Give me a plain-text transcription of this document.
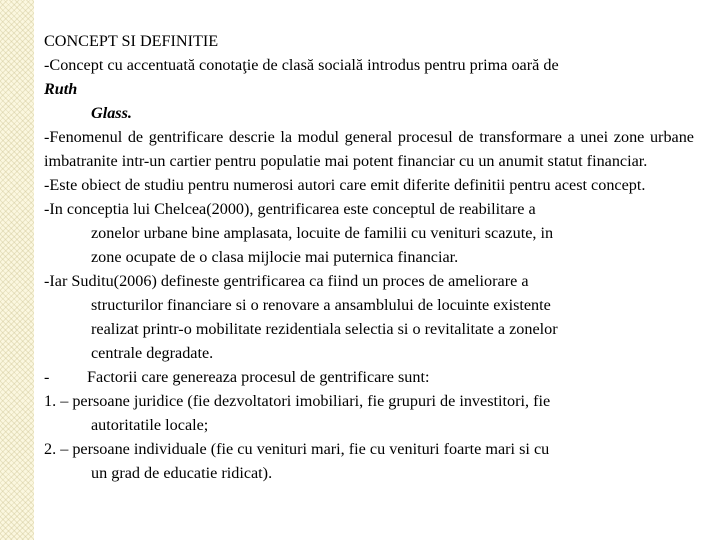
CONCEPT SI DEFINITIE
-Concept cu accentuată conotaţie de clasă socială introdus pentru prima oară de
Ruth
Glass.
-Fenomenul de gentrificare descrie la modul general procesul de transformare a unei zone urbane imbatranite intr-un cartier pentru populatie mai potent financiar cu un anumit statut financiar.
-Este obiect de studiu pentru numerosi autori care emit diferite definitii pentru acest concept.
-In conceptia lui Chelcea(2000), gentrificarea este conceptul de reabilitare a
zonelor urbane bine amplasata, locuite de familii cu venituri scazute, in
zone ocupate de o clasa mijlocie mai puternica financiar.
-Iar Suditu(2006) defineste gentrificarea ca fiind un proces de ameliorare a
structurilor financiare si o renovare a ansamblului de locuinte existente
realizat printr-o mobilitate rezidentiala selectia si o revitalitate a zonelor
centrale degradate.
- Factorii care genereaza procesul de gentrificare sunt:
1. – persoane juridice (fie dezvoltatori imobiliari, fie grupuri de investitori, fie
autoritatile locale;
2. – persoane individuale (fie cu venituri mari, fie cu venituri foarte mari si cu
un grad de educatie ridicat).
